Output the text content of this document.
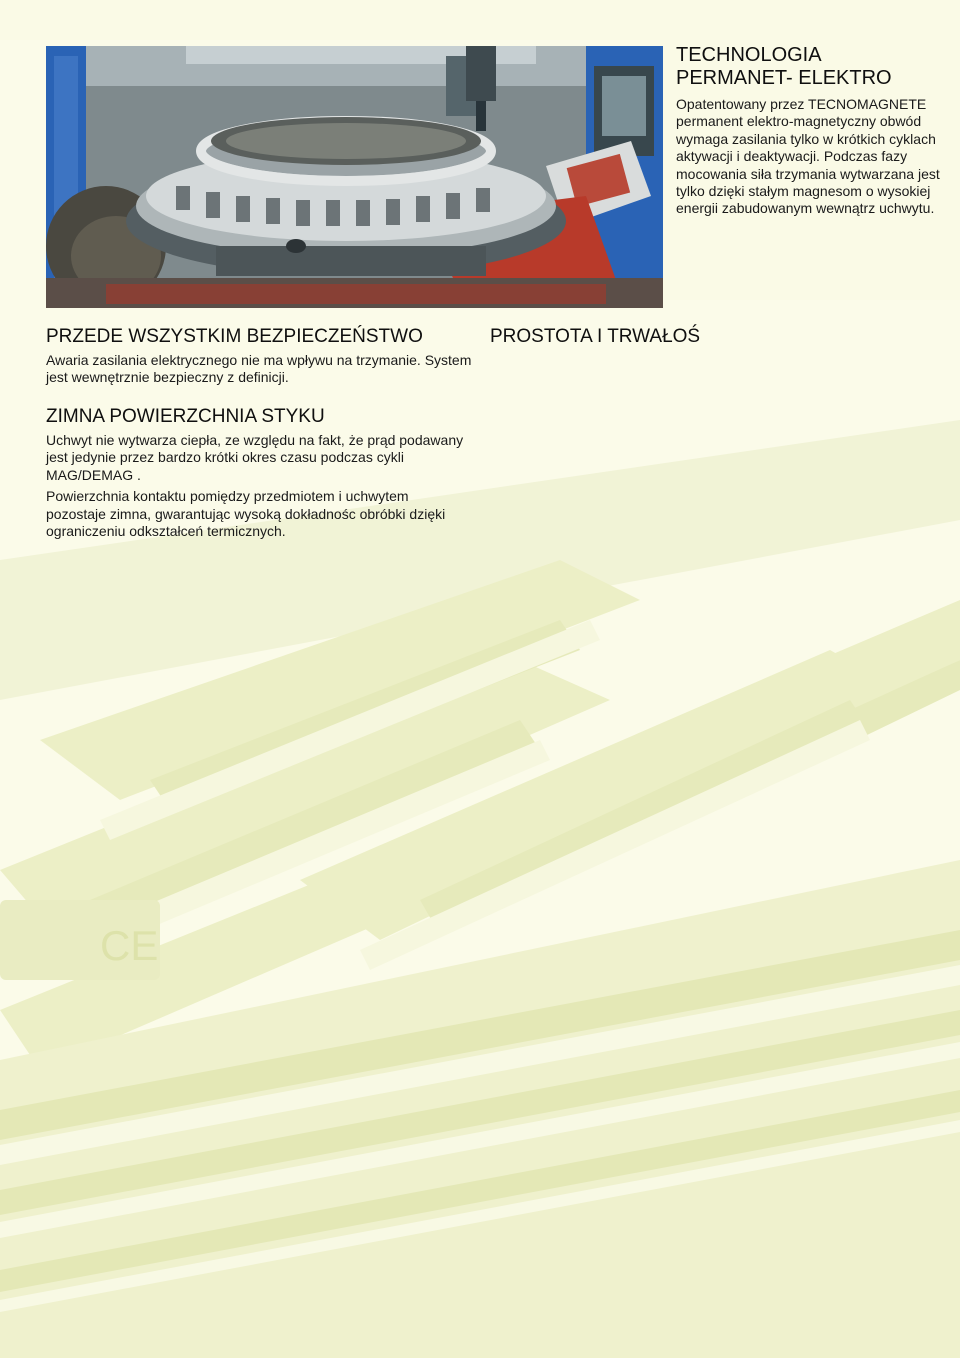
CE
TECHNOLOGIA
PERMANET- ELEKTRO

Opatentowany przez TECNOMAGNETE permanent elektro-magnetyczny obwód wymaga zasilania tylko w krótkich cyklach aktywacji i deaktywacji. Podczas fazy mocowania siła trzymania wytwarzana jest tylko dzięki stałym magnesom o wysokiej energii zabudowanym wewnątrz uchwytu.

PRZEDE WSZYSTKIM BEZPIECZEŃSTWO

Awaria zasilania elektrycznego nie ma wpływu na trzymanie. System jest wewnętrznie bezpieczny z definicji.

PROSTOTA I TRWAŁOŚ
ZIMNA POWIERZCHNIA STYKU

Uchwyt nie wytwarza ciepła, ze względu na fakt, że prąd podawany jest jedynie przez bardzo krótki okres czasu podczas cykli MAG/DEMAG .

Powierzchnia kontaktu pomiędzy przedmiotem i uchwytem pozostaje zimna, gwarantując wysoką dokładnośc obróbki dzięki ograniczeniu odkształceń termicznych.
